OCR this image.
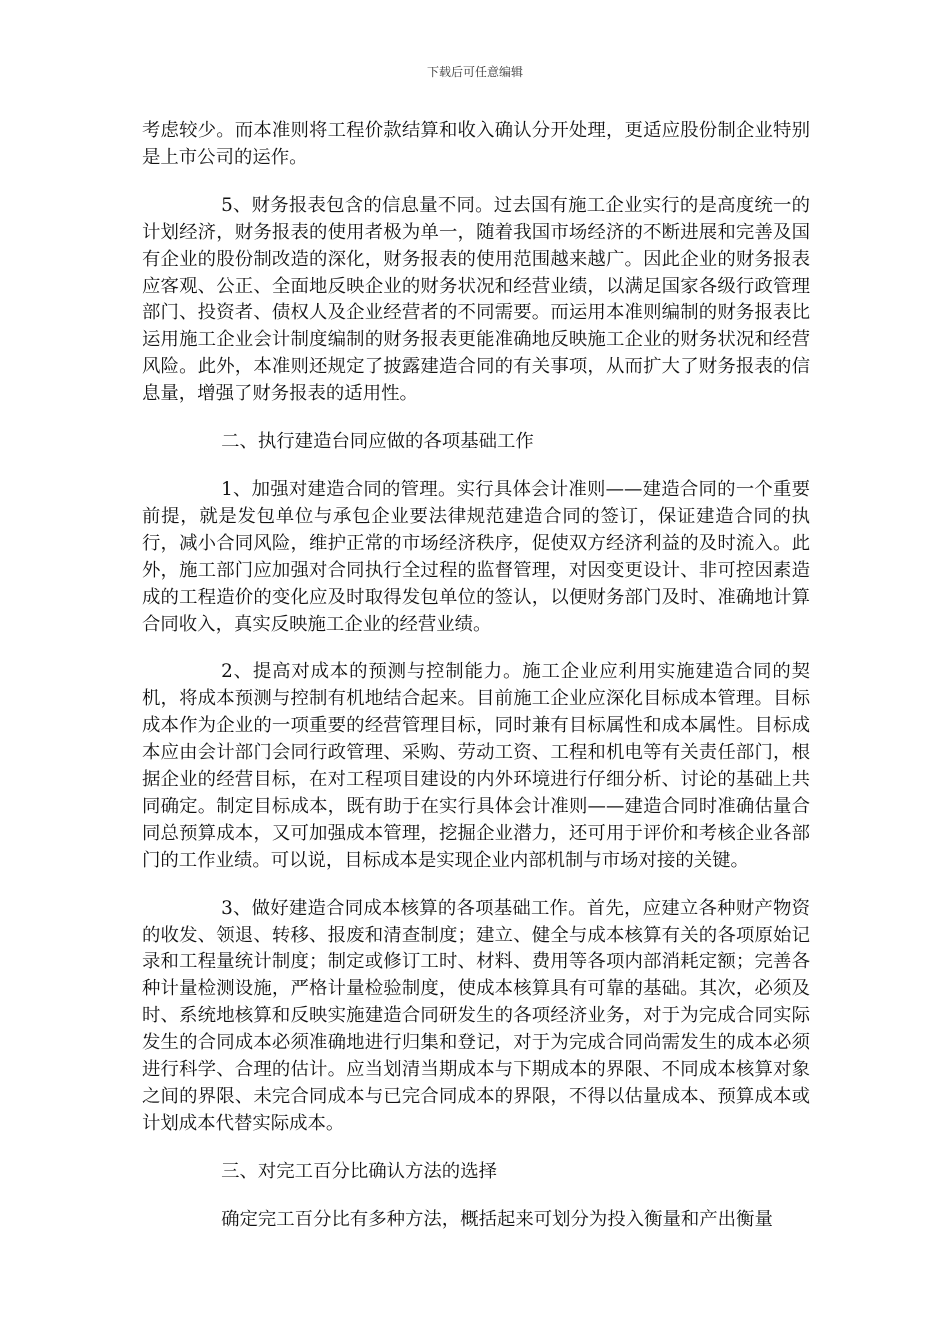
下载后可任意编辑

考虑较少。而本准则将工程价款结算和收入确认分开处理，更适应股份制企业特别是上市公司的运作。

5、财务报表包含的信息量不同。过去国有施工企业实行的是高度统一的计划经济，财务报表的使用者极为单一，随着我国市场经济的不断进展和完善及国有企业的股份制改造的深化，财务报表的使用范围越来越广。因此企业的财务报表应客观、公正、全面地反映企业的财务状况和经营业绩，以满足国家各级行政管理部门、投资者、债权人及企业经营者的不同需要。而运用本准则编制的财务报表比运用施工企业会计制度编制的财务报表更能准确地反映施工企业的财务状况和经营风险。此外，本准则还规定了披露建造合同的有关事项，从而扩大了财务报表的信息量，增强了财务报表的适用性。

二、执行建造台同应做的各项基础工作

1、加强对建造合同的管理。实行具体会计准则——建造合同的一个重要前提，就是发包单位与承包企业要法律规范建造合同的签订，保证建造合同的执行，减小合同风险，维护正常的市场经济秩序，促使双方经济利益的及时流入。此外，施工部门应加强对合同执行全过程的监督管理，对因变更设计、非可控因素造成的工程造价的变化应及时取得发包单位的签认，以便财务部门及时、准确地计算合同收入，真实反映施工企业的经营业绩。

2、提高对成本的预测与控制能力。施工企业应利用实施建造合同的契机，将成本预测与控制有机地结合起来。目前施工企业应深化目标成本管理。目标成本作为企业的一项重要的经营管理目标，同时兼有目标属性和成本属性。目标成本应由会计部门会同行政管理、采购、劳动工资、工程和机电等有关责任部门，根据企业的经营目标，在对工程项目建设的内外环境进行仔细分析、讨论的基础上共同确定。制定目标成本，既有助于在实行具体会计准则——建造合同时准确估量合同总预算成本，又可加强成本管理，挖掘企业潜力，还可用于评价和考核企业各部门的工作业绩。可以说，目标成本是实现企业内部机制与市场对接的关键。

3、做好建造合同成本核算的各项基础工作。首先，应建立各种财产物资的收发、领退、转移、报废和清查制度；建立、健全与成本核算有关的各项原始记录和工程量统计制度；制定或修订工时、材料、费用等各项内部消耗定额；完善各种计量检测设施，严格计量检验制度，使成本核算具有可靠的基础。其次，必须及时、系统地核算和反映实施建造合同研发生的各项经济业务，对于为完成合同实际发生的合同成本必须准确地进行归集和登记，对于为完成合同尚需发生的成本必须进行科学、合理的估计。应当划清当期成本与下期成本的界限、不同成本核算对象之间的界限、未完合同成本与已完合同成本的界限，不得以估量成本、预算成本或计划成本代替实际成本。

三、对完工百分比确认方法的选择

确定完工百分比有多种方法，概括起来可划分为投入衡量和产出衡量
